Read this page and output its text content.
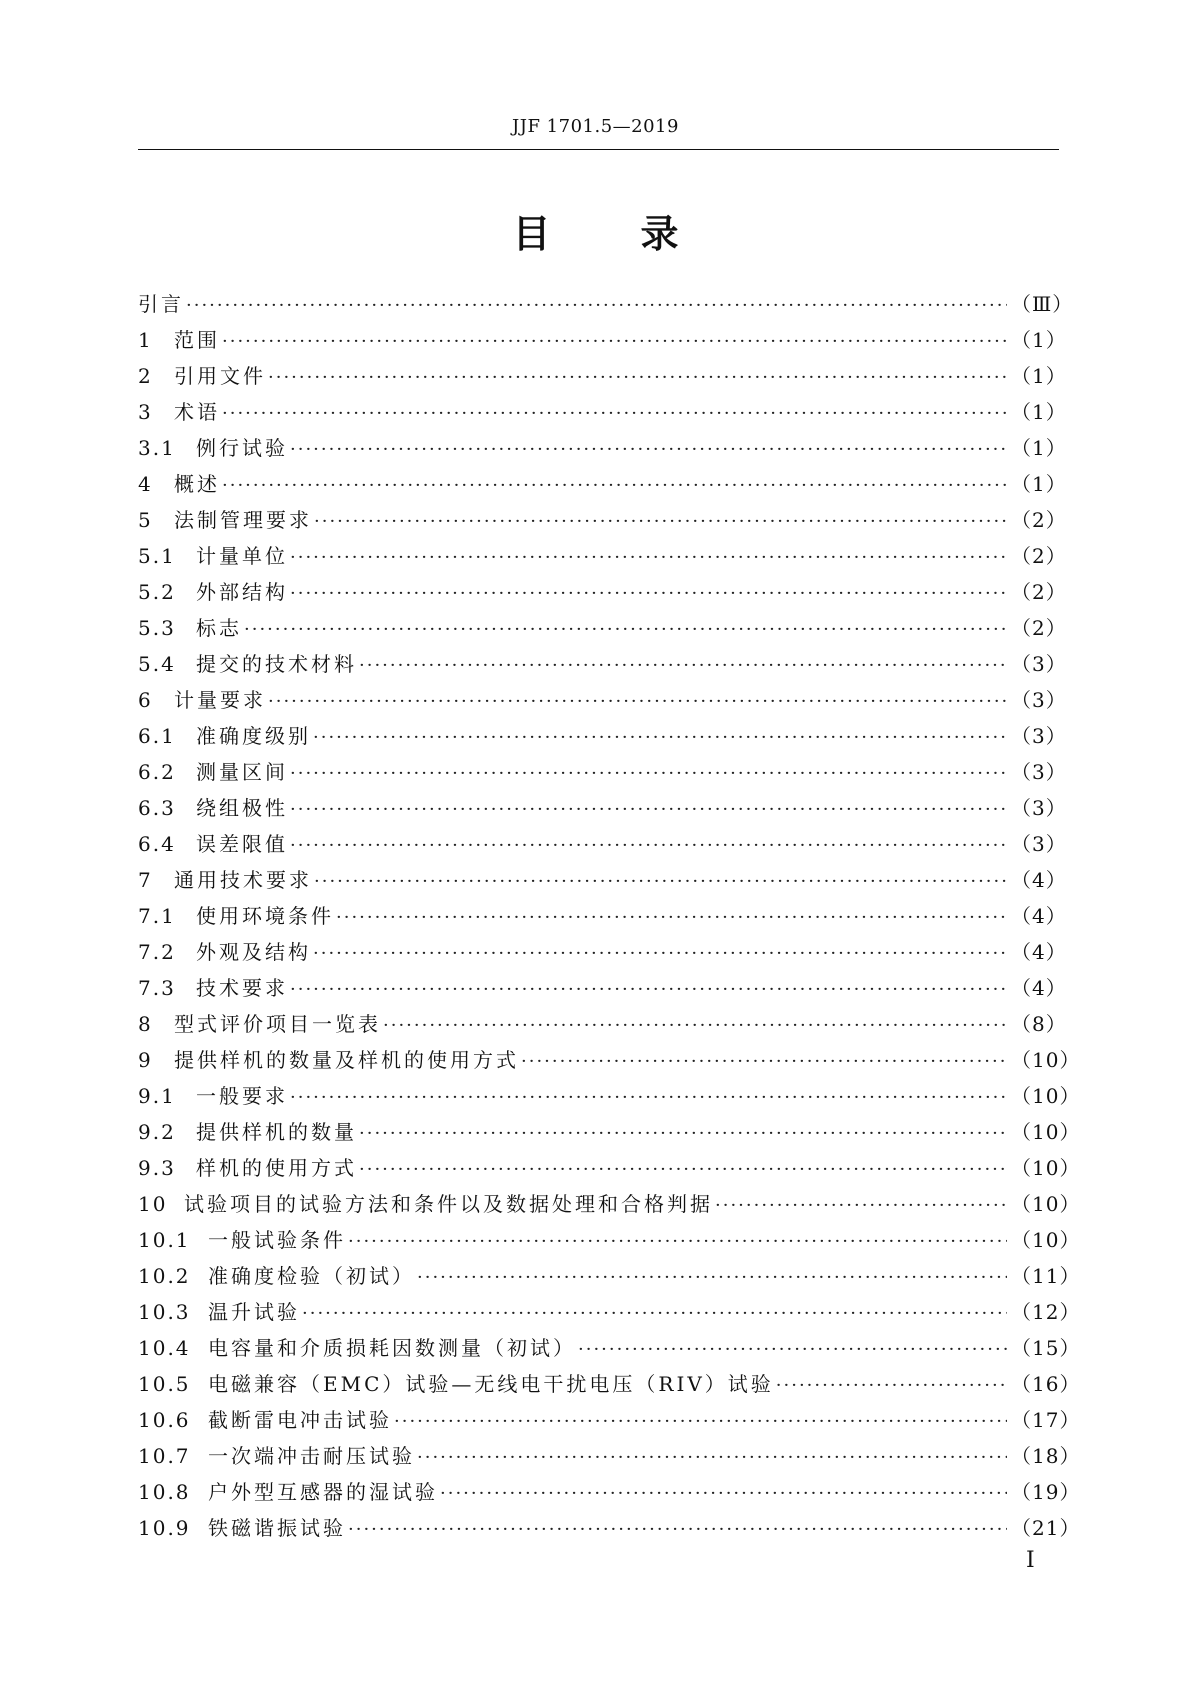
JJF 1701.5—2019
目录
引言 ·····	（Ⅲ）
1	范围 ·····	（1）
2	引用文件 ·····	（1）
3	术语 ·····	（1）
3.1	例行试验 ·····	（1）
4	概述 ·····	（1）
5	法制管理要求 ·····	（2）
5.1	计量单位 ·····	（2）
5.2	外部结构 ·····	（2）
5.3	标志 ·····	（2）
5.4	提交的技术材料 ·····	（3）
6	计量要求 ·····	（3）
6.1	准确度级别 ·····	（3）
6.2	测量区间 ·····	（3）
6.3	绕组极性 ·····	（3）
6.4	误差限值 ·····	（3）
7	通用技术要求 ·····	（4）
7.1	使用环境条件 ·····	（4）
7.2	外观及结构 ·····	（4）
7.3	技术要求 ·····	（4）
8	型式评价项目一览表 ·····	（8）
9	提供样机的数量及样机的使用方式 ·····	（10）
9.1	一般要求 ·····	（10）
9.2	提供样机的数量 ·····	（10）
9.3	样机的使用方式 ·····	（10）
10 试验项目的试验方法和条件以及数据处理和合格判据 ·····	（10）
10.1 一般试验条件 ·····	（10）
10.2 准确度检验（初试） ·····	（11）
10.3 温升试验 ·····	（12）
10.4 电容量和介质损耗因数测量（初试） ·····	（15）
10.5 电磁兼容（EMC）试验—无线电干扰电压（RIV）试验 ·····	（16）
10.6 截断雷电冲击试验 ·····	（17）
10.7 一次端冲击耐压试验 ·····	（18）
10.8 户外型互感器的湿试验 ·····	（19）
10.9 铁磁谐振试验 ·····	（21）
I
